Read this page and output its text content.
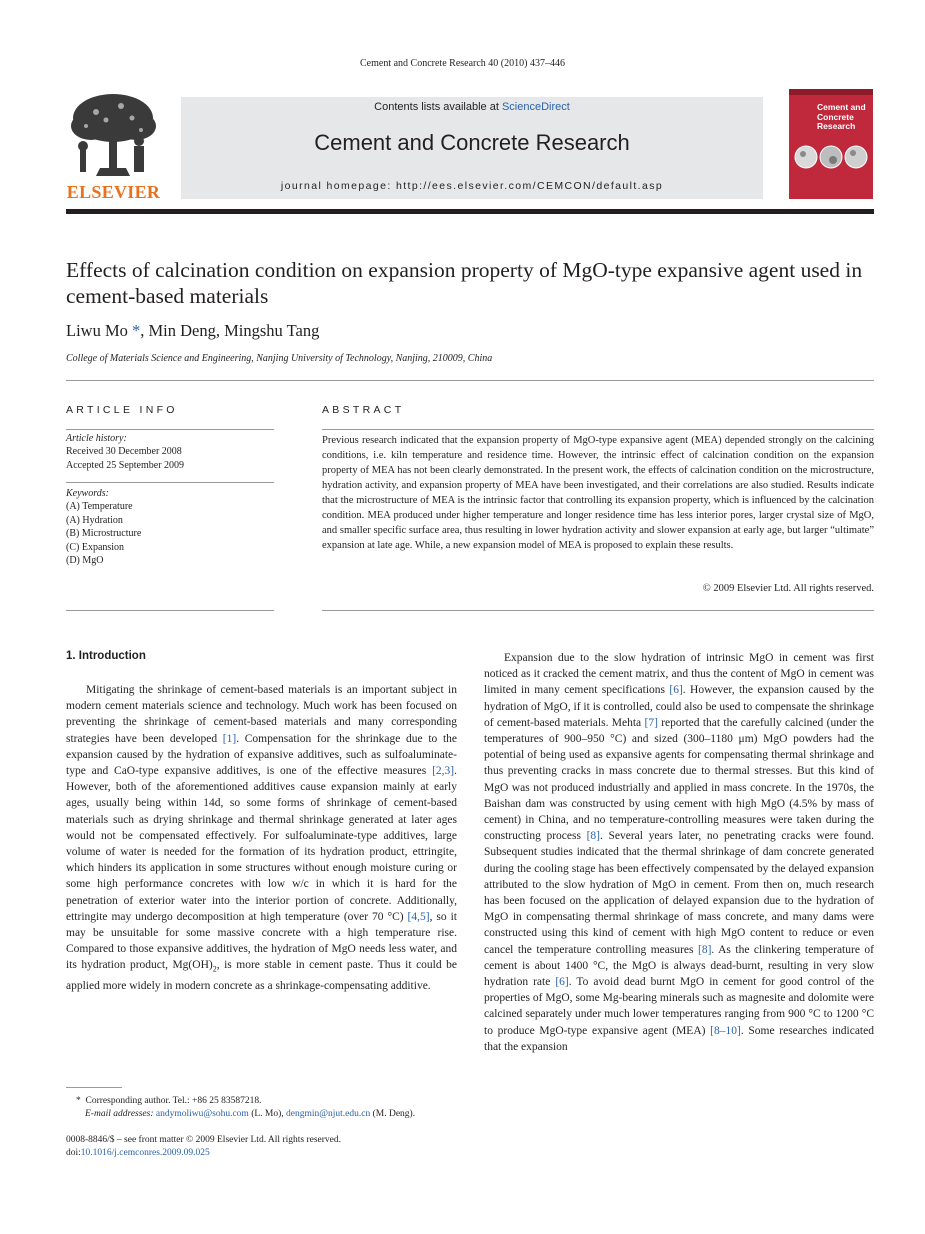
Cement and Concrete Research 40 (2010) 437–446
ELSEVIER
Contents lists available at ScienceDirect
Cement and Concrete Research
journal homepage: http://ees.elsevier.com/CEMCON/default.asp
Cement and Concrete Research
Effects of calcination condition on expansion property of MgO-type expansive agent used in cement-based materials
Liwu Mo *, Min Deng, Mingshu Tang
College of Materials Science and Engineering, Nanjing University of Technology, Nanjing, 210009, China
ARTICLE INFO
Article history:
Received 30 December 2008
Accepted 25 September 2009
Keywords:
(A) Temperature
(A) Hydration
(B) Microstructure
(C) Expansion
(D) MgO
ABSTRACT
Previous research indicated that the expansion property of MgO-type expansive agent (MEA) depended strongly on the calcining conditions, i.e. kiln temperature and residence time. However, the intrinsic effect of calcination condition on the expansion property of MEA has not been clearly demonstrated. In the present work, the effects of calcination condition on the microstructure, hydration activity, and expansion property of MEA have been investigated, and their correlations are also studied. Results indicate that the microstructure of MEA is the intrinsic factor that controlling its expansion property, which is influenced by the calcination condition. MEA produced under higher temperature and longer residence time has less interior pores, larger crystal size of MgO, and smaller specific surface area, thus resulting in lower hydration activity and slower expansion at early age, but larger “ultimate” expansion at late age. While, a new expansion model of MEA is proposed to explain these results.
© 2009 Elsevier Ltd. All rights reserved.
1. Introduction

Mitigating the shrinkage of cement-based materials is an important subject in modern cement materials science and technology. Much work has been focused on preventing the shrinkage of cement-based materials and many corresponding strategies have been developed [1]. Compensation for the shrinkage due to the expansion caused by the hydration of expansive additives, such as sulfoaluminate-type and CaO-type expansive additives, is one of the effective measures [2,3]. However, both of the aforementioned additives cause expansion mainly at early ages, usually being within 14d, so some forms of shrinkage of cement-based materials such as drying shrinkage and thermal shrinkage generated at later ages would not be compensated effectively. For sulfoaluminate-type additives, large volume of water is needed for the formation of its hydration product, ettringite, which hinders its application in some structures without enough moisture curing or some high performance concretes with low w/c in which it is hard for the penetration of exterior water into the interior portion of concrete. Additionally, ettringite may undergo decomposition at high temperature (over 70 °C) [4,5], so it may be unsuitable for some massive concrete with a high temperature rise. Compared to those expansive additives, the hydration of MgO needs less water, and its hydration product, $Mg(OH)_2$, is more stable in cement paste. Thus it could be applied more widely in modern concrete as a shrinkage-compensating additive.

Expansion due to the slow hydration of intrinsic MgO in cement was first noticed as it cracked the cement matrix, and thus the content of MgO in cement was limited in many cement specifications [6]. However, the expansion caused by the hydration of MgO, if it is controlled, could also be used to compensate the shrinkage of cement-based materials. Mehta [7] reported that the carefully calcined (under the temperatures of 900–950 °C) and sized (300–1180 μm) MgO powders had the potential of being used as expansive agents for compensating thermal shrinkage and thus preventing cracks in mass concrete due to thermal stresses. But this kind of MgO was not produced industrially and applied in mass concrete. In the 1970s, the Baishan dam was constructed by using cement with high MgO (4.5% by mass of cement) in China, and no temperature-controlling measures were taken during the constructing process [8]. Several years later, no penetrating cracks were found. Subsequent studies indicated that the thermal shrinkage of dam concrete generated during the cooling stage has been effectively compensated by the delayed expansion attributed to the slow hydration of MgO in cement. From then on, much research has been focused on the application of delayed expansion due to the hydration of MgO in compensating thermal shrinkage of mass concrete, and many dams were constructed using this kind of cement with high MgO content to reduce or even cancel the temperature controlling measures [8]. As the clinkering temperature of cement is about 1400 °C, the MgO is always dead-burnt, resulting in very slow hydration rate [6]. To avoid dead burnt MgO in cement for good control of the properties of MgO, some Mg-bearing minerals such as magnesite and dolomite were calcined separately under much lower temperatures ranging from 900 °C to 1200 °C to produce MgO-type expansive agent (MEA) [8–10]. Some researches indicated that the expansion

* Corresponding author. Tel.: +86 25 83587218.
E-mail addresses: andymoliwu@sohu.com (L. Mo), dengmin@njut.edu.cn (M. Deng).
0008-8846/$ – see front matter © 2009 Elsevier Ltd. All rights reserved.
doi:10.1016/j.cemconres.2009.09.025
